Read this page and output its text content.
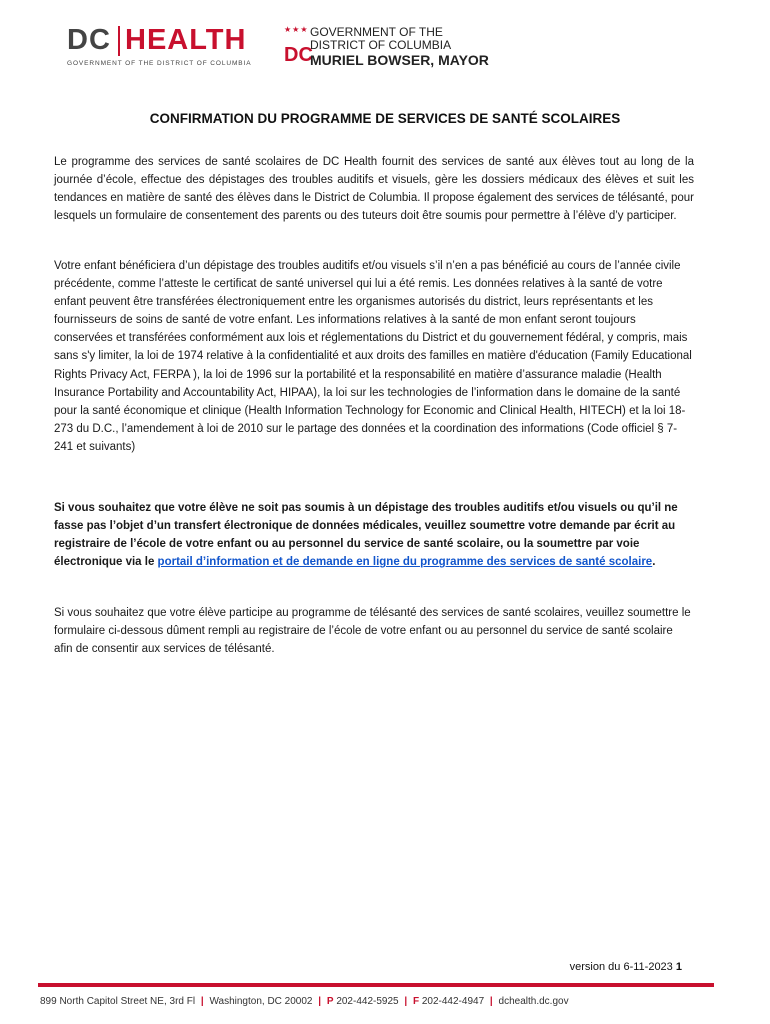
DC HEALTH
GOVERNMENT OF THE DISTRICT OF COLUMBIA
★★★
DC
GOVERNMENT OF THE
DISTRICT OF COLUMBIA
MURIEL BOWSER, MAYOR
CONFIRMATION DU PROGRAMME DE SERVICES DE SANTÉ SCOLAIRES

Le programme des services de santé scolaires de DC Health fournit des services de santé aux élèves tout au long de la journée d’école, effectue des dépistages des troubles auditifs et visuels, gère les dossiers médicaux des élèves et suit les tendances en matière de santé des élèves dans le District de Columbia. Il propose également des services de télésanté, pour lesquels un formulaire de consentement des parents ou des tuteurs doit être soumis pour permettre à l’élève d’y participer.

Votre enfant bénéficiera d’un dépistage des troubles auditifs et/ou visuels s’il n’en a pas bénéficié au cours de l’année civile précédente, comme l’atteste le certificat de santé universel qui lui a été remis. Les données relatives à la santé de votre enfant peuvent être transférées électroniquement entre les organismes autorisés du district, leurs représentants et les fournisseurs de soins de santé de votre enfant. Les informations relatives à la santé de mon enfant seront toujours conservées et transférées conformément aux lois et réglementations du District et du gouvernement fédéral, y compris, mais sans s'y limiter, la loi de 1974 relative à la confidentialité et aux droits des familles en matière d'éducation (Family Educational Rights Privacy Act, FERPA ), la loi de 1996 sur la portabilité et la responsabilité en matière d’assurance maladie (Health Insurance Portability and Accountability Act, HIPAA), la loi sur les technologies de l’information dans le domaine de la santé pour la santé économique et clinique (Health Information Technology for Economic and Clinical Health, HITECH) et la loi 18-273 du D.C., l’amendement à loi de 2010 sur le partage des données et la coordination des informations (Code officiel § 7-241 et suivants)

Si vous souhaitez que votre élève ne soit pas soumis à un dépistage des troubles auditifs et/ou visuels ou qu’il ne fasse pas l’objet d’un transfert électronique de données médicales, veuillez soumettre votre demande par écrit au registraire de l’école de votre enfant ou au personnel du service de santé scolaire, ou la soumettre par voie électronique via le portail d’information et de demande en ligne du programme des services de santé scolaire.

Si vous souhaitez que votre élève participe au programme de télésanté des services de santé scolaires, veuillez soumettre le formulaire ci-dessous dûment rempli au registraire de l’école de votre enfant ou au personnel du service de santé scolaire afin de consentir aux services de télésanté.

version du 6-11-2023 1
899 North Capitol Street NE, 3rd Fl | Washington, DC 20002 | P 202-442-5925 | F 202-442-4947 | dchealth.dc.gov
